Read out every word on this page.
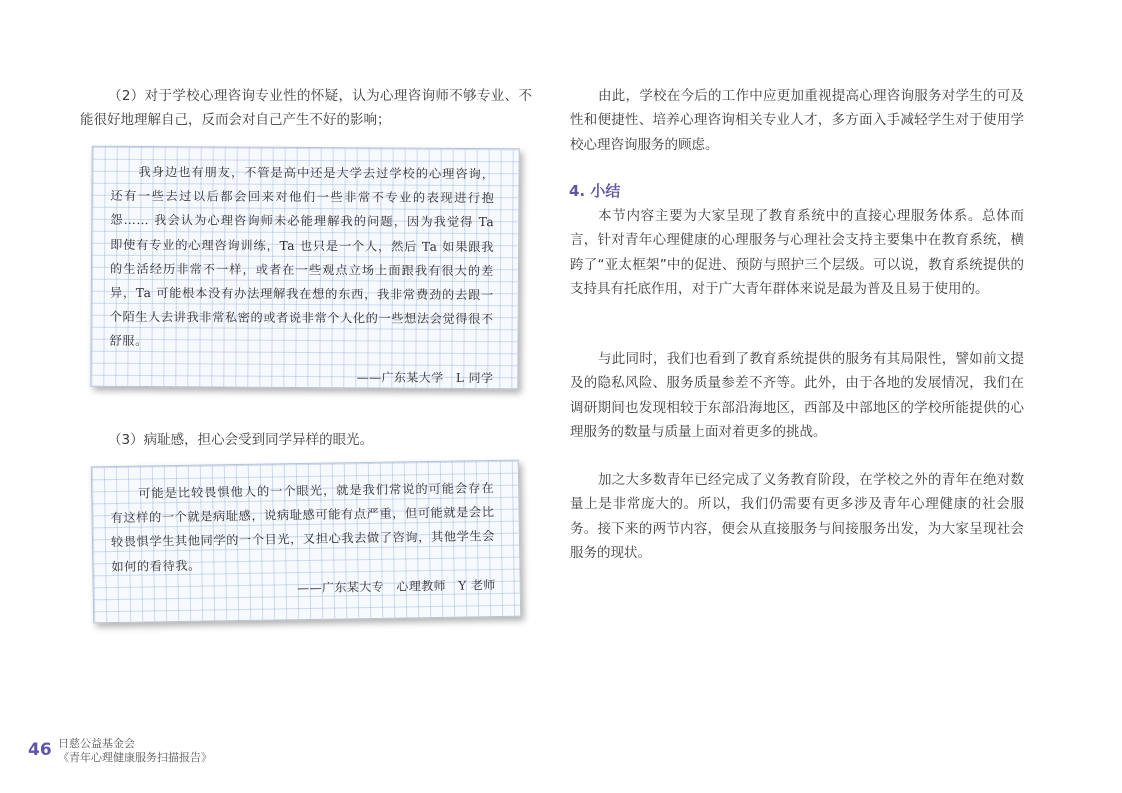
（2）对于学校心理咨询专业性的怀疑，认为心理咨询师不够专业、不能很好地理解自己，反而会对自己产生不好的影响；

我身边也有朋友，不管是高中还是大学去过学校的心理咨询，还有一些去过以后都会回来对他们一些非常不专业的表现进行抱怨…… 我会认为心理咨询师未必能理解我的问题，因为我觉得 Ta 即使有专业的心理咨询训练，Ta 也只是一个人，然后 Ta 如果跟我的生活经历非常不一样，或者在一些观点立场上面跟我有很大的差异，Ta 可能根本没有办法理解我在想的东西，我非常费劲的去跟一个陌生人去讲我非常私密的或者说非常个人化的一些想法会觉得很不舒服。

——广东某大学　L 同学

（3）病耻感，担心会受到同学异样的眼光。

可能是比较畏惧他人的一个眼光，就是我们常说的可能会存在有这样的一个就是病耻感，说病耻感可能有点严重，但可能就是会比较畏惧学生其他同学的一个目光，又担心我去做了咨询，其他学生会如何的看待我。

——广东某大专　心理教师　Y 老师

由此，学校在今后的工作中应更加重视提高心理咨询服务对学生的可及性和便捷性、培养心理咨询相关专业人才，多方面入手减轻学生对于使用学校心理咨询服务的顾虑。

4. 小结

本节内容主要为大家呈现了教育系统中的直接心理服务体系。总体而言，针对青年心理健康的心理服务与心理社会支持主要集中在教育系统，横跨了“亚太框架”中的促进、预防与照护三个层级。可以说，教育系统提供的支持具有托底作用，对于广大青年群体来说是最为普及且易于使用的。

与此同时，我们也看到了教育系统提供的服务有其局限性，譬如前文提及的隐私风险、服务质量参差不齐等。此外，由于各地的发展情况，我们在调研期间也发现相较于东部沿海地区，西部及中部地区的学校所能提供的心理服务的数量与质量上面对着更多的挑战。

加之大多数青年已经完成了义务教育阶段，在学校之外的青年在绝对数量上是非常庞大的。所以，我们仍需要有更多涉及青年心理健康的社会服务。接下来的两节内容，便会从直接服务与间接服务出发，为大家呈现社会服务的现状。

46 日慈公益基金会
《青年心理健康服务扫描报告》
